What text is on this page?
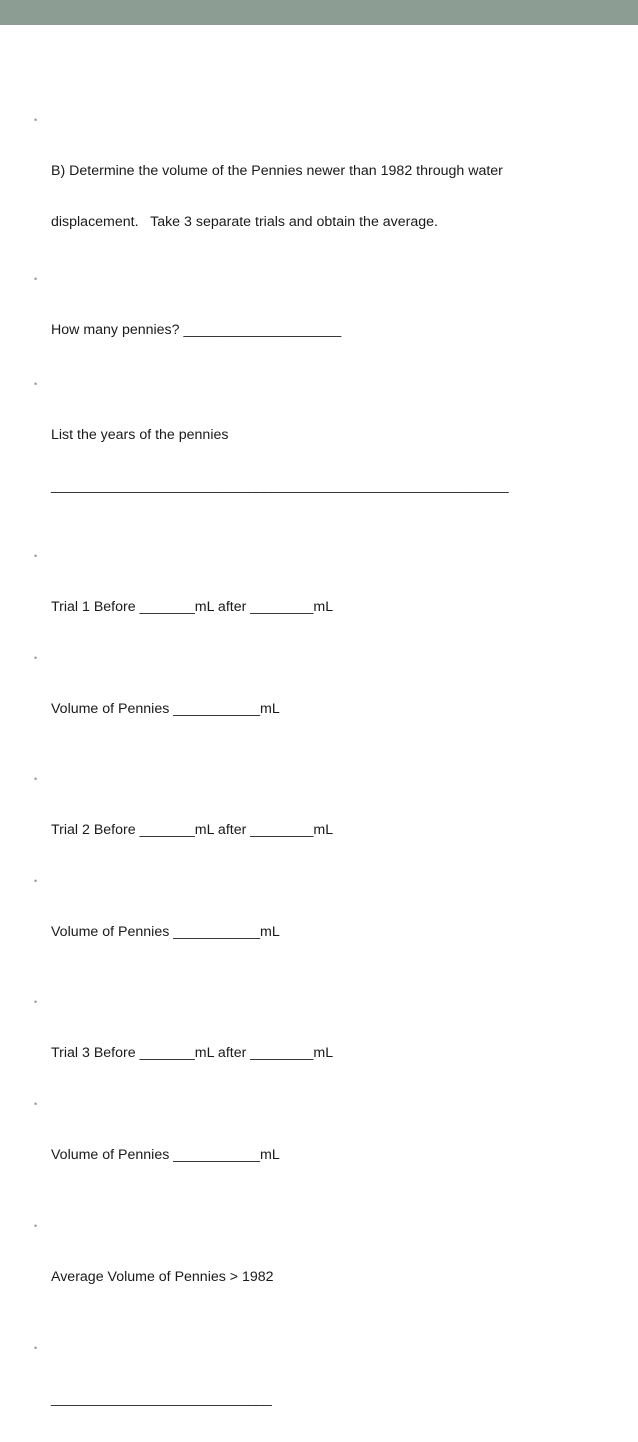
•

B) Determine the volume of the Pennies newer than 1982 through water

displacement.   Take 3 separate trials and obtain the average.

•

How many pennies? ____________________

•

List the years of the pennies

__________________________________________________________

•

Trial 1 Before _______mL after ________mL

•

Volume of Pennies ___________mL

•

Trial 2 Before _______mL after ________mL

•

Volume of Pennies ___________mL

•

Trial 3 Before _______mL after ________mL

•

Volume of Pennies ___________mL

•

Average Volume of Pennies > 1982

•

____________________________
